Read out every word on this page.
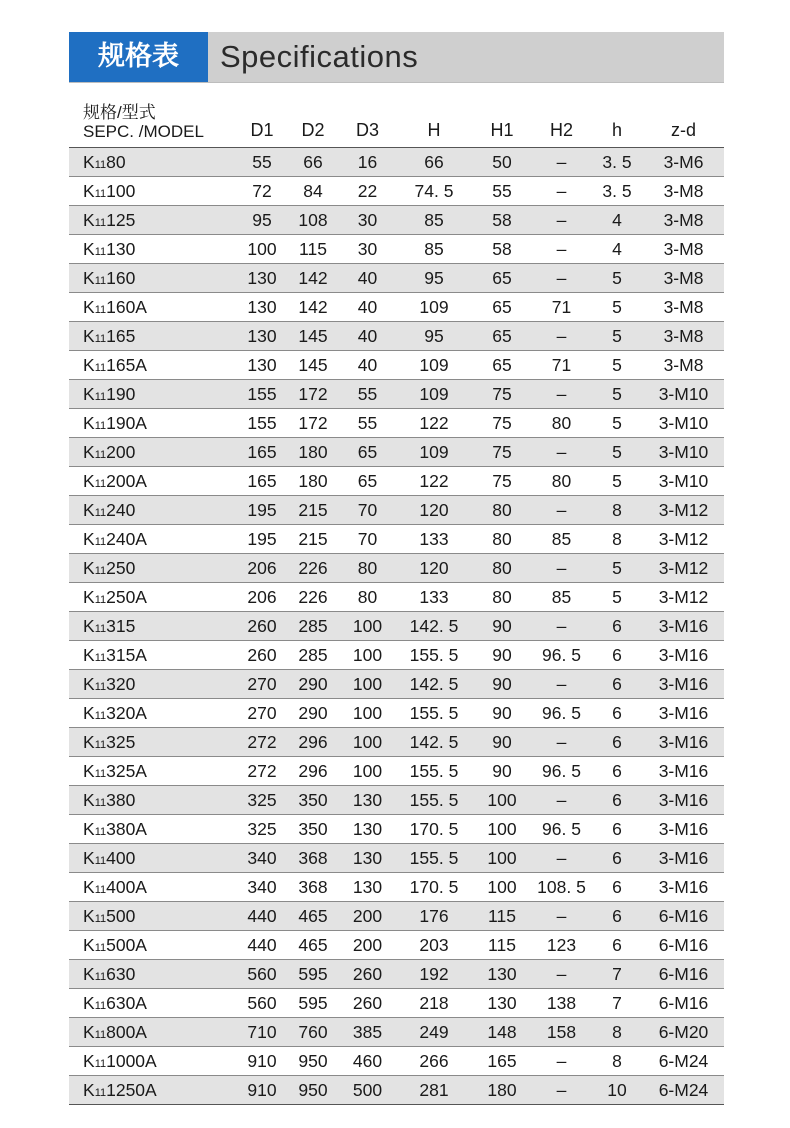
规格表	Specifications
规格/型式
SEPC. /MODEL	D1	D2	D3	H	H1	H2	h	z-d
K1180	55	66	16	66	50	–	3. 5	3-M6
K11100	72	84	22	74. 5	55	–	3. 5	3-M8
K11125	95	108	30	85	58	–	4	3-M8
K11130	100	115	30	85	58	–	4	3-M8
K11160	130	142	40	95	65	–	5	3-M8
K11160A	130	142	40	109	65	71	5	3-M8
K11165	130	145	40	95	65	–	5	3-M8
K11165A	130	145	40	109	65	71	5	3-M8
K11190	155	172	55	109	75	–	5	3-M10
K11190A	155	172	55	122	75	80	5	3-M10
K11200	165	180	65	109	75	–	5	3-M10
K11200A	165	180	65	122	75	80	5	3-M10
K11240	195	215	70	120	80	–	8	3-M12
K11240A	195	215	70	133	80	85	8	3-M12
K11250	206	226	80	120	80	–	5	3-M12
K11250A	206	226	80	133	80	85	5	3-M12
K11315	260	285	100	142. 5	90	–	6	3-M16
K11315A	260	285	100	155. 5	90	96. 5	6	3-M16
K11320	270	290	100	142. 5	90	–	6	3-M16
K11320A	270	290	100	155. 5	90	96. 5	6	3-M16
K11325	272	296	100	142. 5	90	–	6	3-M16
K11325A	272	296	100	155. 5	90	96. 5	6	3-M16
K11380	325	350	130	155. 5	100	–	6	3-M16
K11380A	325	350	130	170. 5	100	96. 5	6	3-M16
K11400	340	368	130	155. 5	100	–	6	3-M16
K11400A	340	368	130	170. 5	100	108. 5	6	3-M16
K11500	440	465	200	176	115	–	6	6-M16
K11500A	440	465	200	203	115	123	6	6-M16
K11630	560	595	260	192	130	–	7	6-M16
K11630A	560	595	260	218	130	138	7	6-M16
K11800A	710	760	385	249	148	158	8	6-M20
K111000A	910	950	460	266	165	–	8	6-M24
K111250A	910	950	500	281	180	–	10	6-M24
